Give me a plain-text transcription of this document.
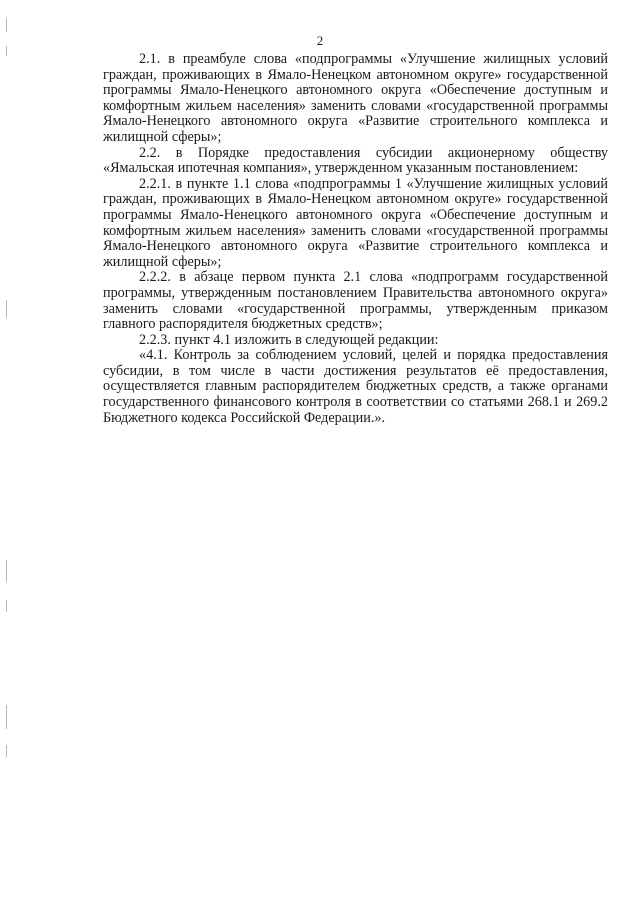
2

2.1. в преамбуле слова «подпрограммы «Улучшение жилищных условий граждан, проживающих в Ямало-Ненецком автономном округе» государственной программы Ямало-Ненецкого автономного округа «Обеспечение доступным и комфортным жильем населения» заменить словами «государственной программы Ямало-Ненецкого автономного округа «Развитие строительного комплекса и жилищной сферы»;

2.2. в Порядке предоставления субсидии акционерному обществу «Ямальская ипотечная компания», утвержденном указанным постановлением:

2.2.1. в пункте 1.1 слова «подпрограммы 1 «Улучшение жилищных условий граждан, проживающих в Ямало-Ненецком автономном округе» государственной программы Ямало-Ненецкого автономного округа «Обеспечение доступным и комфортным жильем населения» заменить словами «государственной программы Ямало-Ненецкого автономного округа «Развитие строительного комплекса и жилищной сферы»;

2.2.2. в абзаце первом пункта 2.1 слова «подпрограмм государственной программы, утвержденным постановлением Правительства автономного округа» заменить словами «государственной программы, утвержденным приказом главного распорядителя бюджетных средств»;

2.2.3. пункт 4.1 изложить в следующей редакции:

«4.1. Контроль за соблюдением условий, целей и порядка предоставления субсидии, в том числе в части достижения результатов её предоставления, осуществляется главным распорядителем бюджетных средств, а также органами государственного финансового контроля в соответствии со статьями 268.1 и 269.2 Бюджетного кодекса Российской Федерации.».
